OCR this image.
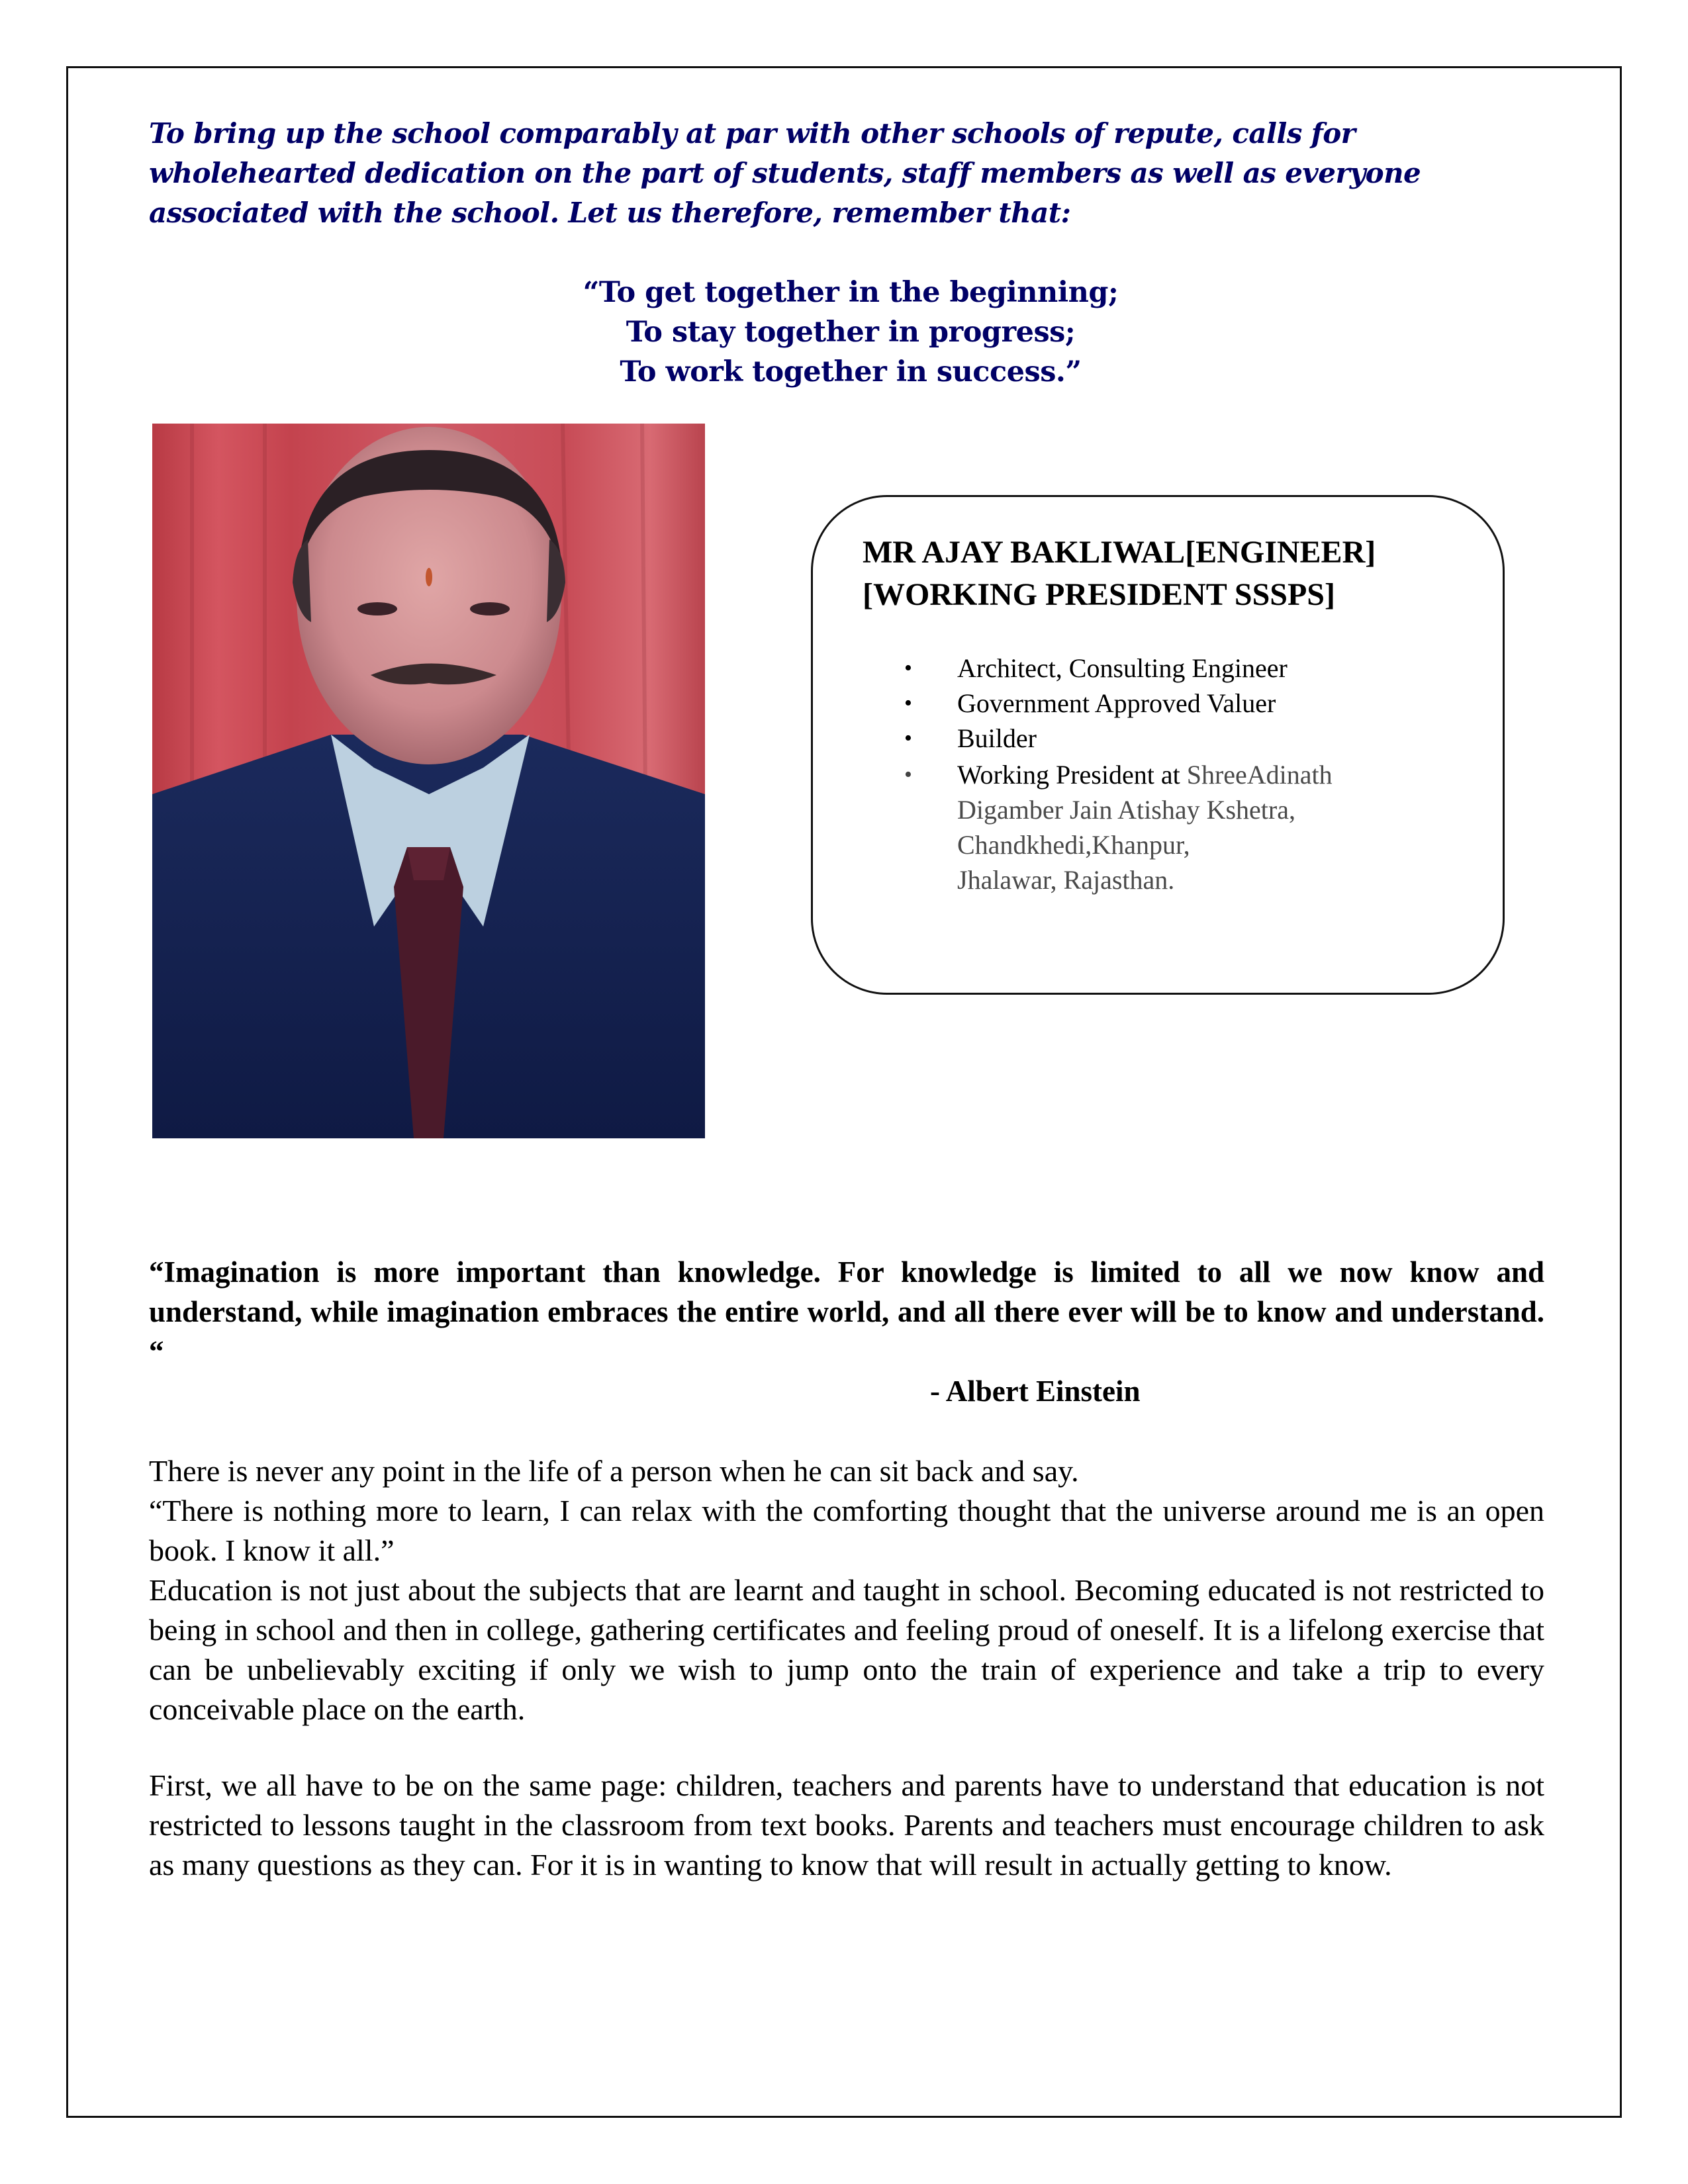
To bring up the school comparably at par with other schools of repute, calls for wholehearted dedication on the part of students, staff members as well as everyone associated with the school. Let us therefore, remember that:
“To get together in the beginning;
To stay together in progress;
To work together in success.”
MR AJAY BAKLIWAL[ENGINEER]
[WORKING PRESIDENT SSSPS]
• Architect, Consulting Engineer
• Government Approved Valuer
• Builder
• Working President at ShreeAdinath
Digamber Jain Atishay Kshetra,
Chandkhedi,Khanpur,
Jhalawar, Rajasthan.
“Imagination is more important than knowledge. For knowledge is limited to all we now know and understand, while imagination embraces the entire world, and all there ever will be to know and understand. “
- Albert Einstein

There is never any point in the life of a person when he can sit back and say.

“There is nothing more to learn, I can relax with the comforting thought that the universe around me is an open book. I know it all.”

Education is not just about the subjects that are learnt and taught in school. Becoming educated is not restricted to being in school and then in college, gathering certificates and feeling proud of oneself. It is a lifelong exercise that can be unbelievably exciting if only we wish to jump onto the train of experience and take a trip to every conceivable place on the earth.

First, we all have to be on the same page: children, teachers and parents have to understand that education is not restricted to lessons taught in the classroom from text books. Parents and teachers must encourage children to ask as many questions as they can. For it is in wanting to know that will result in actually getting to know.
